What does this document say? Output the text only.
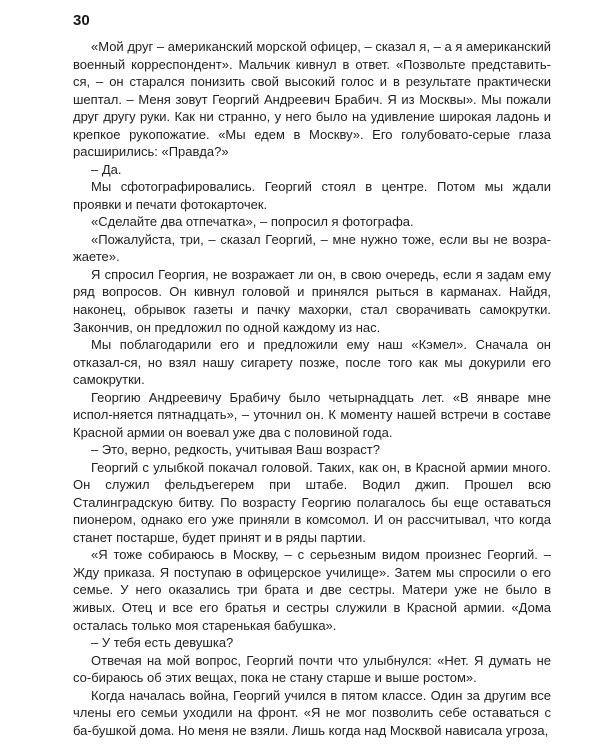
30

«Мой друг – американский морской офицер, – сказал я, – а я американский военный корреспондент». Мальчик кивнул в ответ. «Позвольте представить-ся, – он старался понизить свой высокий голос и в результате практически шептал. – Меня зовут Георгий Андреевич Брабич. Я из Москвы». Мы пожали друг другу руки. Как ни странно, у него было на удивление широкая ладонь и крепкое рукопожатие. «Мы едем в Москву». Его голубовато-серые глаза расширились: «Правда?»

– Да.

Мы сфотографировались. Георгий стоял в центре. Потом мы ждали проявки и печати фотокарточек.

«Сделайте два отпечатка», – попросил я фотографа.

«Пожалуйста, три, – сказал Георгий, – мне нужно тоже, если вы не возра-жаете».

Я спросил Георгия, не возражает ли он, в свою очередь, если я задам ему ряд вопросов. Он кивнул головой и принялся рыться в карманах. Найдя, наконец, обрывок газеты и пачку махорки, стал сворачивать самокрутки. Закончив, он предложил по одной каждому из нас.

Мы поблагодарили его и предложили ему наш «Кэмел». Сначала он отказал-ся, но взял нашу сигарету позже, после того как мы докурили его самокрутки.

Георгию Андреевичу Брабичу было четырнадцать лет. «В январе мне испол-няется пятнадцать», – уточнил он. К моменту нашей встречи в составе Красной армии он воевал уже два с половиной года.

– Это, верно, редкость, учитывая Ваш возраст?

Георгий с улыбкой покачал головой. Таких, как он, в Красной армии много. Он служил фельдъегерем при штабе. Водил джип. Прошел всю Сталинградскую битву. По возрасту Георгию полагалось бы еще оставаться пионером, однако его уже приняли в комсомол. И он рассчитывал, что когда станет постарше, будет принят и в ряды партии.

«Я тоже собираюсь в Москву, – с серьезным видом произнес Георгий. – Жду приказа. Я поступаю в офицерское училище». Затем мы спросили о его семье. У него оказались три брата и две сестры. Матери уже не было в живых. Отец и все его братья и сестры служили в Красной армии. «Дома осталась только моя старенькая бабушка».

– У тебя есть девушка?

Отвечая на мой вопрос, Георгий почти что улыбнулся: «Нет. Я думать не со-бираюсь об этих вещах, пока не стану старше и выше ростом».

Когда началась война, Георгий учился в пятом классе. Один за другим все члены его семьи уходили на фронт. «Я не мог позволить себе оставаться с ба-бушкой дома. Но меня не взяли. Лишь когда над Москвой нависала угроза,
